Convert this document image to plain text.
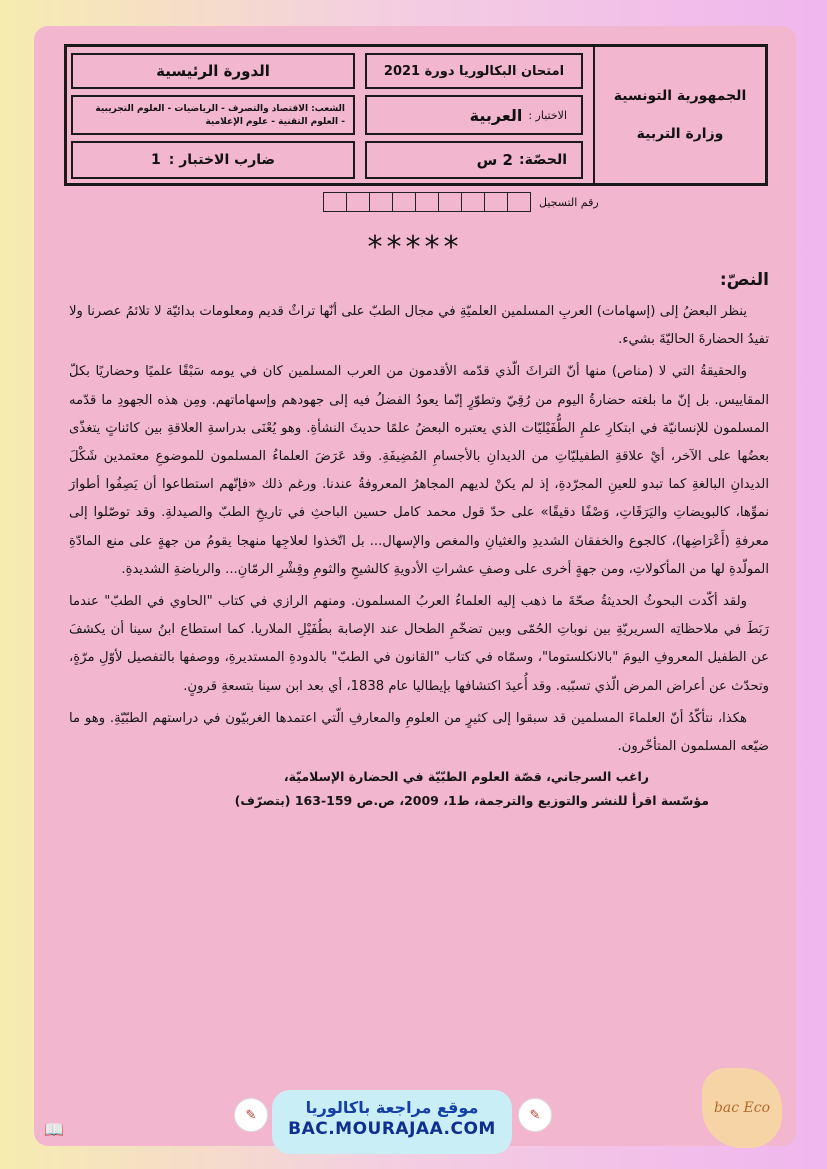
الجمهورية التونسية
وزارة التربية
امتحان البكالوريا دورة 2021
الاختبار :
العربية
الحصّة:
2 س
الدورة الرئيسية
الشعب: الاقتصاد والتصرف - الرياضيات - العلوم التجريبية
- العلوم التقنية - علوم الإعلامية
ضارب الاختبار :
1
رقم التسجيل
*****
النصّ:

ينظر البعضُ إلى (إسهامات) العربِ المسلمين العلميّةِ في مجال الطبّ على أنّها تراثٌ قديم ومعلومات بدائيّة لا تلائمُ عصرنا ولا تفيدُ الحضارةَ الحاليّةَ بشيء.

والحقيقةُ التي لا (مناص) منها أنّ التراثَ الّذي قدّمه الأقدمون من العرب المسلمين كان في يومه سَبْقًا علميًا وحضاريًا بكلّ المقاييس. بل إنّ ما بلغته حضارةُ اليوم من رُقِيّ وتطوّرٍ إنّما يعودُ الفضلُ فيه إلى جهودهم وإسهاماتهم. ومِن هذه الجهودِ ما قدّمه المسلمون للإنسانيّة في ابتكارِ علمِ الطُّفَيْليّات الذي يعتبره البعضُ علمًا حديثَ النشأةِ. وهو يُعْنَى بدراسةِ العلاقةِ بين كائناتٍ يتغذّى بعضُها على الآخر، أيْ علاقةِ الطفيليّاتِ من الديدانِ بالأجسامِ المُضِيفَةِ. وقد عَرَضَ العلماءُ المسلمون للموضوعِ معتمدين شَكْلَ الديدانِ البالغةِ كما تبدو للعينِ المجرّدةِ، إذ لم يكنْ لديهم المجاهرُ المعروفةُ عندنا. ورغم ذلك «فإنّهم استطاعوا أن يَصِفُوا أطوارَ نموِّها، كالبويضاتِ واليَرَقَاتِ، وَصْفًا دقيقًا» على حدّ قول محمد كامل حسين الباحثِ في تاريخِ الطبّ والصيدلةِ. وقد توصّلوا إلى معرفةِ (أَعْرَاضِها)، كالجوع والخفقان الشديدِ والغثيانِ والمغص والإسهال... بل اتّخذوا لعلاجِها منهجا يقومُ من جهةٍ على منع المادّةِ المولّدةِ لها من المأكولاتِ، ومن جهةٍ أخرى على وصفِ عشراتِ الأدويةِ كالشيحِ والثومِ وقِشْرِ الرمّانِ... والرياضةِ الشديدةِ.

ولقد أكّدت البحوثُ الحديثةُ صحّةَ ما ذهب إليه العلماءُ العربُ المسلمون. ومنهم الرازي في كتاب "الحاوي في الطبّ" عندما رَبَطَ في ملاحظاتِه السريريّةِ بين نوباتِ الحُمّى وبين تضخّمِ الطحال عند الإصابة بطُفَيْلِ الملاريا. كما استطاع ابنُ سينا أن يكشفَ عن الطفيل المعروفِ اليومَ "بالانكلستوما"، وسمّاه في كتاب "القانون في الطبّ" بالدودةِ المستديرةِ، ووصفها بالتفصيل لأوّلِ مرّةٍ، وتحدّث عن أعراض المرض الّذي تسبّبه. وقد أُعيدَ اكتشافها بإيطاليا عام 1838، أي بعد ابن سينا بتسعةِ قرونٍ.

هكذا، نتأكّدُ أنّ العلماءَ المسلمين قد سبقوا إلى كثيرٍ من العلومِ والمعارفِ الّتي اعتمدها الغربيّون في دراستهم الطبّيّةِ. وهو ما ضيّعه المسلمون المتأخّرون.

راغب السرجاني، قصّة العلوم الطبّيّة في الحضارة الإسلاميّة،
مؤسّسة اقرأ للنشر والتوزيع والترجمة، ط1، 2009، ص.ص 159-163 (بتصرّف)
✎	موقع مراجعة باكالوريا
BAC.MOURAJAA.COM
✎	bac Eco
📖
